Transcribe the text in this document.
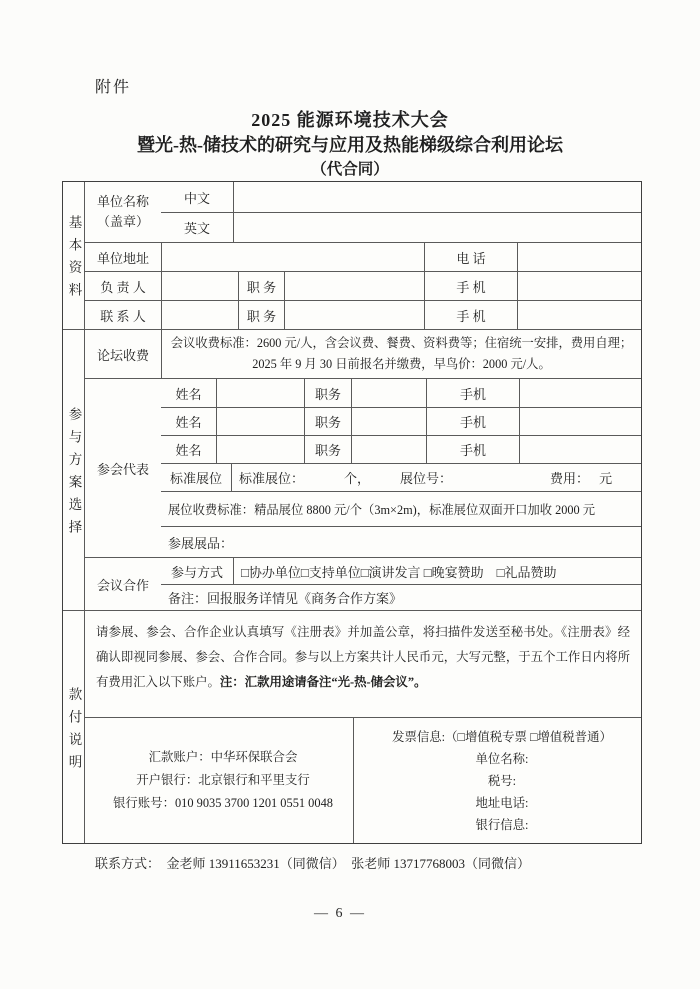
附件
2025 能源环境技术大会
暨光-热-储技术的研究与应用及热能梯级综合利用论坛
（代合同）
基本资料
单位名称
（盖章）
中文
英文
单位地址	电 话
负 责 人	职 务	手 机
联 系 人	职 务	手 机
参与方案选择
论坛收费
会议收费标准：2600 元/人，含会议费、餐费、资料费等；住宿统一安排，费用自理；
2025 年 9 月 30 日前报名并缴费，早鸟价：2000 元/人。
参会代表
姓名	职务	手机
姓名	职务	手机
姓名	职务	手机
标准展位	标准展位：	个， 展位号：	费用： 元
展位收费标准：精品展位 8800 元/个（3m×2m)，标准展位双面开口加收 2000 元
参展展品：
会议合作
参与方式	□协办单位□支持单位□演讲发言 □晚宴赞助　□礼品赞助
备注：回报服务详情见《商务合作方案》
款付说明
请参展、参会、合作企业认真填写《注册表》并加盖公章，将扫描件发送至秘书处。《注册表》经确认即视同参展、参会、合作合同。参与以上方案共计人民币元，大写元整，于五个工作日内将所有费用汇入以下账户。注：汇款用途请备注“光-热-储会议”。
汇款账户：中华环保联合会
开户银行：北京银行和平里支行
银行账号：010 9035 3700 1201 0551 0048
发票信息:（□增值税专票 □增值税普通）
单位名称:
税号:
地址电话:
银行信息:
联系方式：　金老师 13911653231（同微信）　张老师 13717768003（同微信）
— 6 —
